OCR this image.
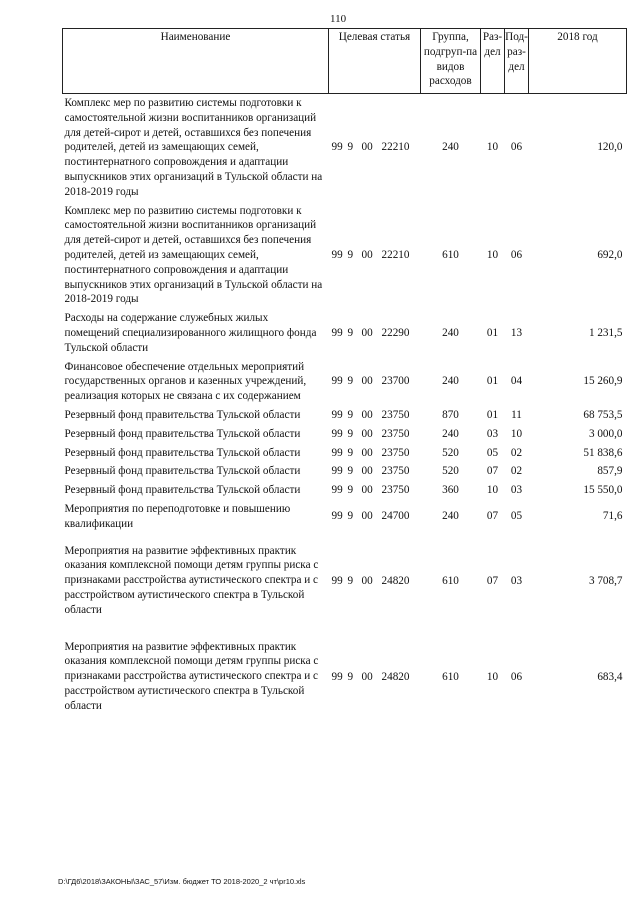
110
Наименование	Целевая статья	Группа, подгруп-па видов расходов	Раз-дел	Под-раз-дел	2018 год
Комплекс мер по развитию системы подготовки к самостоятельной жизни воспитанников организаций для детей-сирот и детей, оставшихся без попечения родителей, детей из замещающих семей, постинтернатного сопровождения и адаптации выпускников этих организаций в Тульской области на 2018-2019 годы	99 9 00 22210	240	10	06	120,0
Комплекс мер по развитию системы подготовки к самостоятельной жизни воспитанников организаций для детей-сирот и детей, оставшихся без попечения родителей, детей из замещающих семей, постинтернатного сопровождения и адаптации выпускников этих организаций в Тульской области на 2018-2019 годы	99 9 00 22210	610	10	06	692,0
Расходы на содержание служебных жилых помещений специализированного жилищного фонда Тульской области	99 9 00 22290	240	01	13	1 231,5
Финансовое обеспечение отдельных мероприятий государственных органов и казенных учреждений, реализация которых не связана с их содержанием	99 9 00 23700	240	01	04	15 260,9
Резервный фонд правительства Тульской области	99 9 00 23750	870	01	11	68 753,5
Резервный фонд правительства Тульской области	99 9 00 23750	240	03	10	3 000,0
Резервный фонд правительства Тульской области	99 9 00 23750	520	05	02	51 838,6
Резервный фонд правительства Тульской области	99 9 00 23750	520	07	02	857,9
Резервный фонд правительства Тульской области	99 9 00 23750	360	10	03	15 550,0
Мероприятия по переподготовке и повышению квалификации	99 9 00 24700	240	07	05	71,6
Мероприятия на развитие эффективных практик оказания комплексной помощи детям группы риска с признаками расстройства аутистического спектра и с расстройством аутистического спектра в Тульской области	99 9 00 24820	610	07	03	3 708,7
Мероприятия на развитие эффективных практик оказания комплексной помощи детям группы риска с признаками расстройства аутистического спектра и с расстройством аутистического спектра в Тульской области	99 9 00 24820	610	10	06	683,4
D:\ГД6\2018\ЗАКОНЫ\ЗАС_57\Изм. бюджет ТО 2018-2020_2 чт\pr10.xls
